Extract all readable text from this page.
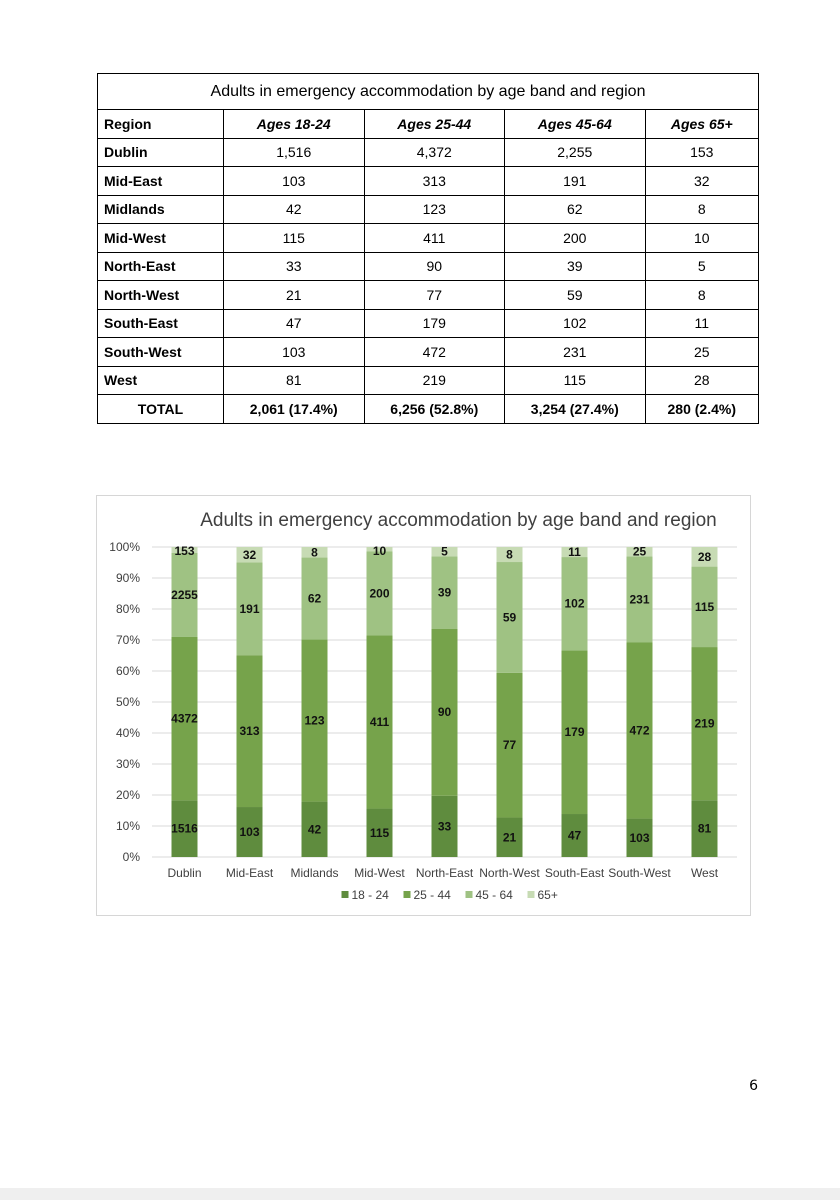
Adults in emergency accommodation by age band and region				
Region	Ages 18-24	Ages 25-44	Ages 45-64	Ages 65+
Dublin	1,516	4,372	2,255	153
Mid-East	103	313	191	32
Midlands	42	123	62	8
Mid-West	115	411	200	10
North-East	33	90	39	5
North-West	21	77	59	8
South-East	47	179	102	11
South-West	103	472	231	25
West	81	219	115	28
TOTAL	2,061 (17.4%)	6,256 (52.8%)	3,254 (27.4%)	280 (2.4%)
Adults in emergency accommodation by age band and region
0%
10%
20%
30%
40%
50%
60%
70%
80%
90%
100%
1516
4372
2255
153
Dublin
103
313
191
32
Mid-East
42
123
62
8
Midlands
115
411
200
10
Mid-West
33
90
39
5
North-East
21
77
59
8
North-West
47
179
102
11
South-East
103
472
231
25
South-West
81
219
115
28
West
18 - 24 25 - 44 45 - 64 65+
6
